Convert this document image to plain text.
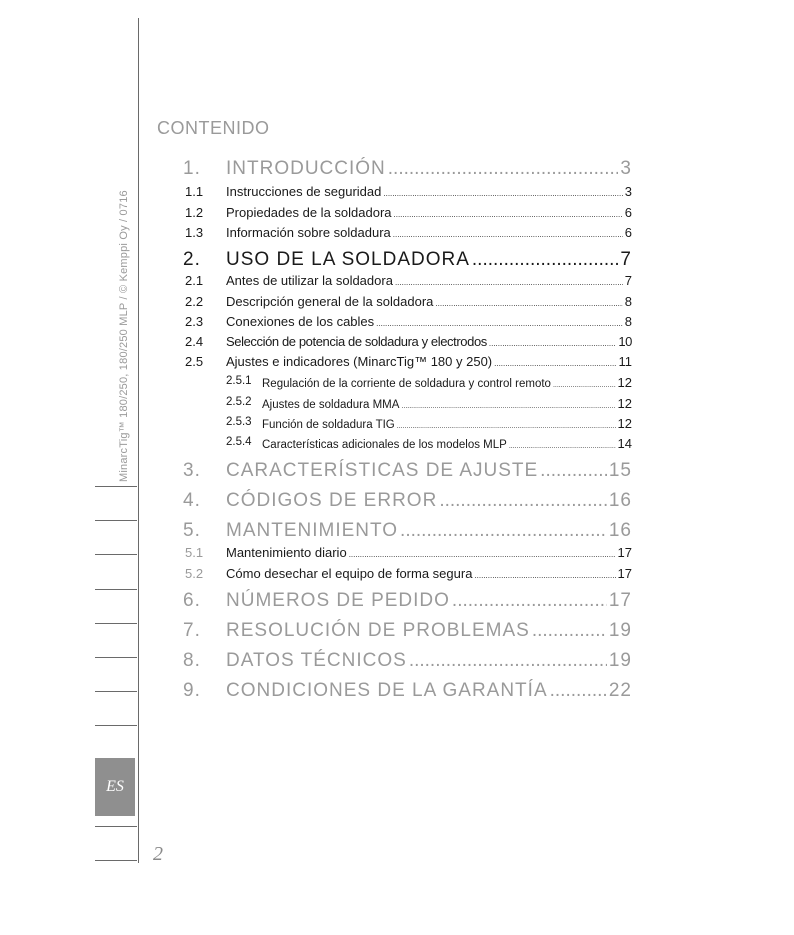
MinarcTig™ 180/250, 180/250 MLP / © Kemppi Oy / 0716
ES
2
CONTENIDO
1. INTRODUCCIÓN .....	3
1.1 Instrucciones de seguridad .....	3
1.2 Propiedades de la soldadora .....	6
1.3 Información sobre soldadura .....	6
2. USO DE LA SOLDADORA .....	7
2.1 Antes de utilizar la soldadora .....	7
2.2 Descripción general de la soldadora .....	8
2.3 Conexiones de los cables .....	8
2.4 Selección de potencia de soldadura y electrodos .....	10
2.5 Ajustes e indicadores (MinarcTig™ 180 y 250) .....	11
2.5.1 Regulación de la corriente de soldadura y control remoto .....	12
2.5.2 Ajustes de soldadura MMA .....	12
2.5.3 Función de soldadura TIG .....	12
2.5.4 Características adicionales de los modelos MLP .....	14
3. CARACTERÍSTICAS DE AJUSTE .....	15
4. CÓDIGOS DE ERROR .....	16
5. MANTENIMIENTO .....	16
5.1 Mantenimiento diario .....	17
5.2 Cómo desechar el equipo de forma segura .....	17
6. NÚMEROS DE PEDIDO .....	17
7. RESOLUCIÓN DE PROBLEMAS .....	19
8. DATOS TÉCNICOS .....	19
9. CONDICIONES DE LA GARANTÍA .....	22
